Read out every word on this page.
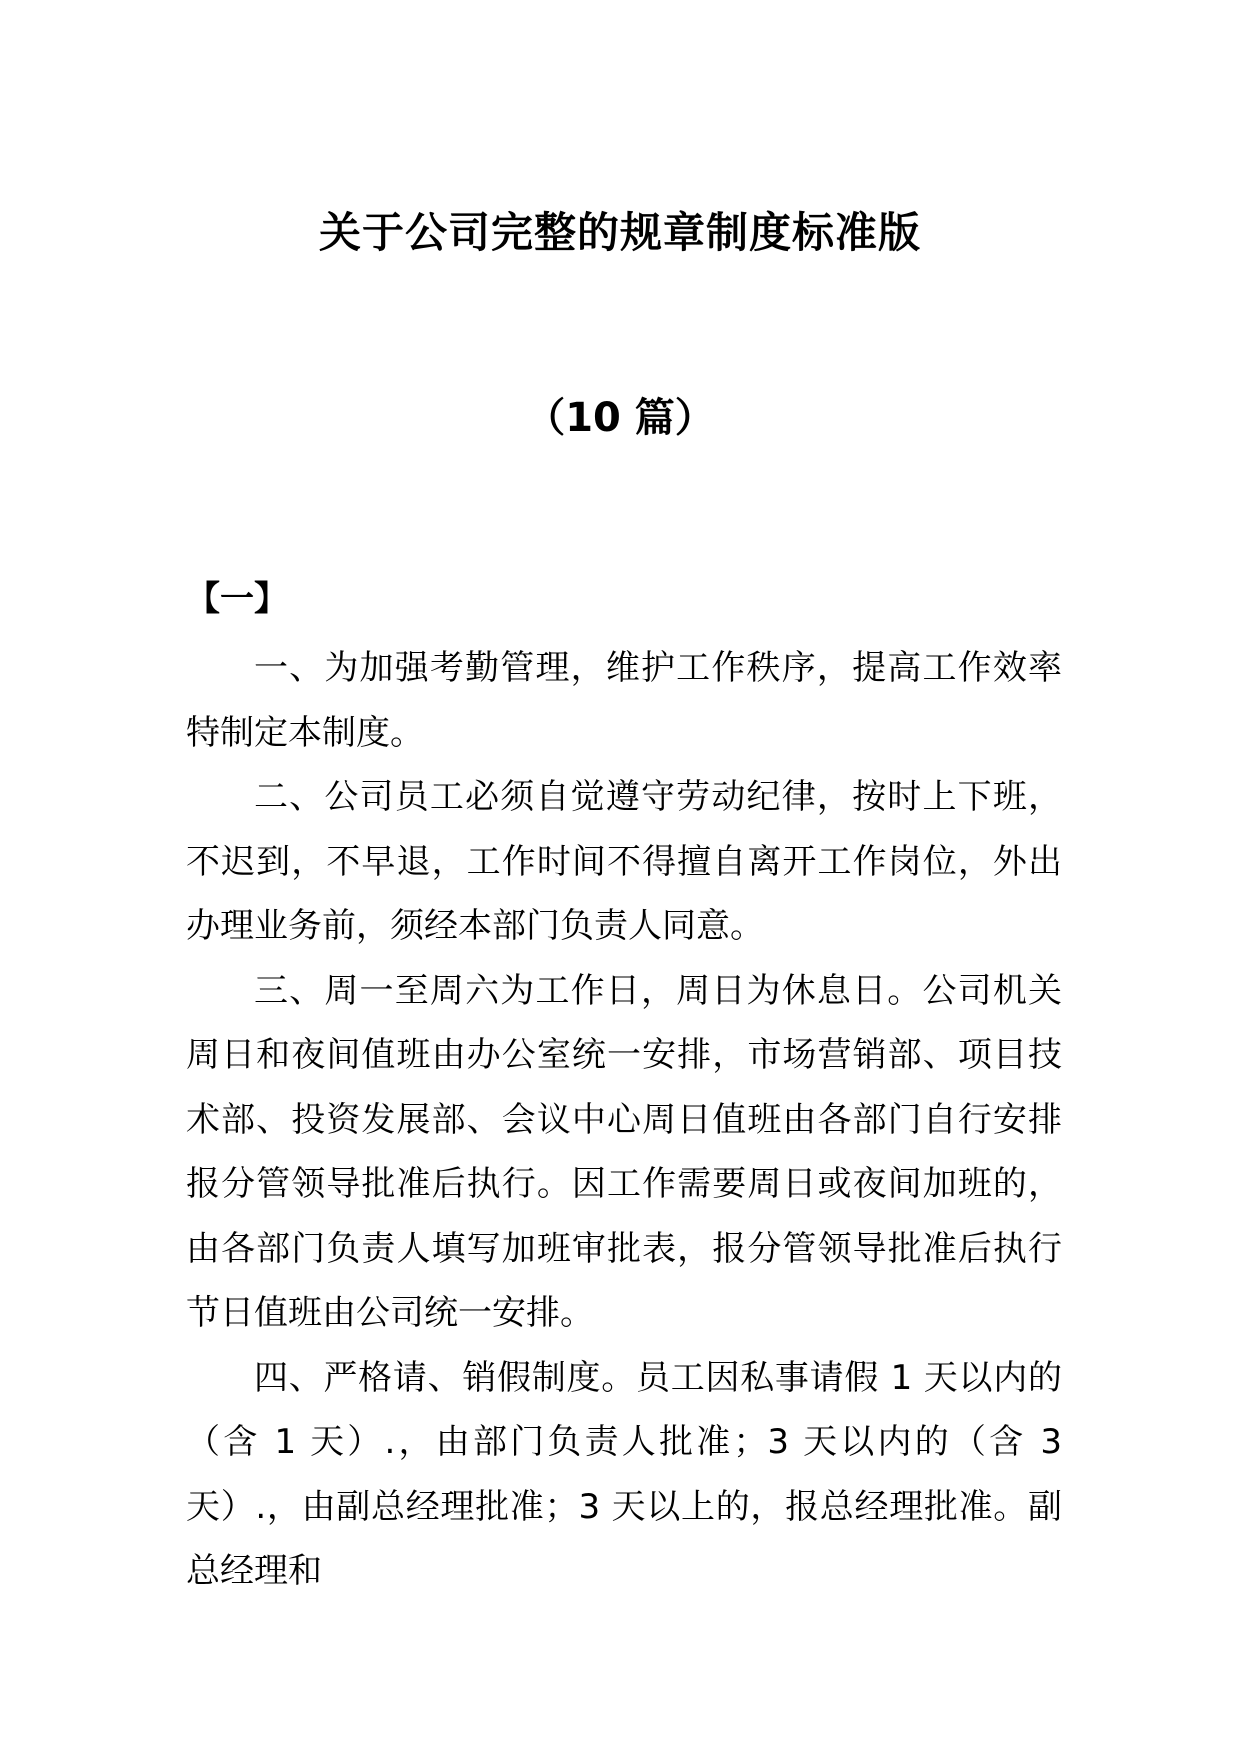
关于公司完整的规章制度标准版
（10 篇）
【一】

一、为加强考勤管理，维护工作秩序，提高工作效率特制定本制度。

二、公司员工必须自觉遵守劳动纪律，按时上下班，不迟到，不早退，工作时间不得擅自离开工作岗位，外出办理业务前，须经本部门负责人同意。

三、周一至周六为工作日，周日为休息日。公司机关周日和夜间值班由办公室统一安排，市场营销部、项目技术部、投资发展部、会议中心周日值班由各部门自行安排报分管领导批准后执行。因工作需要周日或夜间加班的，由各部门负责人填写加班审批表，报分管领导批准后执行节日值班由公司统一安排。

四、严格请、销假制度。员工因私事请假 1 天以内的（含 1 天）.，由部门负责人批准；3 天以内的（含 3 天）.，由副总经理批准；3 天以上的，报总经理批准。副总经理和
